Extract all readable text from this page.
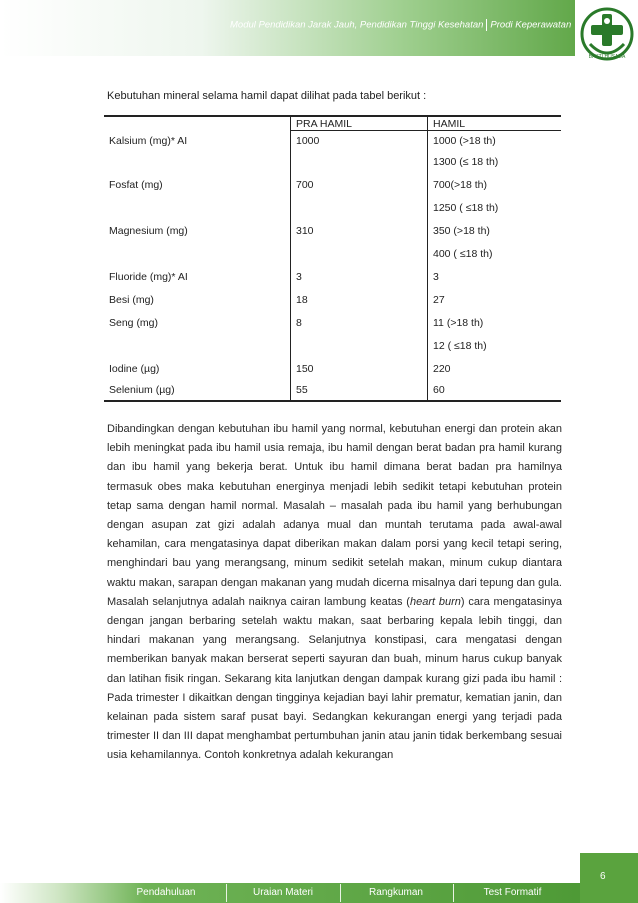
Modul Pendidikan Jarak Jauh, Pendidikan Tinggi Kesehatan Prodi Keperawatan
BAKTI HUSADA
Kebutuhan mineral selama hamil dapat dilihat pada tabel berikut :
	PRA HAMIL	HAMIL
Kalsium (mg)* AI	1000	1000 (>18 th)
		1300 (≤ 18 th)
Fosfat (mg)	700	700(>18 th)
		1250 ( ≤18 th)
Magnesium (mg)	310	350 (>18 th)
		400 ( ≤18 th)
Fluoride (mg)* AI	3	3
Besi (mg)	18	27
Seng (mg)	8	11 (>18 th)
		12 ( ≤18 th)
Iodine (µg)	150	220
Selenium (µg)	55	60
Dibandingkan dengan kebutuhan ibu hamil yang normal, kebutuhan energi dan protein akan lebih meningkat pada ibu hamil usia remaja, ibu hamil dengan berat badan pra hamil kurang dan ibu hamil yang bekerja berat. Untuk ibu hamil dimana berat badan pra hamilnya termasuk obes maka kebutuhan energinya menjadi lebih sedikit tetapi kebutuhan protein tetap sama dengan hamil normal. Masalah – masalah pada ibu hamil yang berhubungan dengan asupan zat gizi adalah adanya mual dan muntah terutama pada awal-awal kehamilan, cara mengatasinya dapat diberikan makan dalam porsi yang kecil tetapi sering, menghindari bau yang merangsang, minum sedikit setelah makan, minum cukup diantara waktu makan, sarapan dengan makanan yang mudah dicerna misalnya dari tepung dan gula. Masalah selanjutnya adalah naiknya cairan lambung keatas (heart burn) cara mengatasinya dengan jangan berbaring setelah waktu makan, saat berbaring kepala lebih tinggi, dan hindari makanan yang merangsang. Selanjutnya konstipasi, cara mengatasi dengan memberikan banyak makan berserat seperti sayuran dan buah, minum harus cukup banyak dan latihan fisik ringan. Sekarang kita lanjutkan dengan dampak kurang gizi pada ibu hamil : Pada trimester I dikaitkan dengan tingginya kejadian bayi lahir prematur, kematian janin, dan kelainan pada sistem saraf pusat bayi. Sedangkan kekurangan energi yang terjadi pada trimester II dan III dapat menghambat pertumbuhan janin atau janin tidak berkembang sesuai usia kehamilannya. Contoh konkretnya adalah kekurangan
6
Pendahuluan	Uraian Materi	Rangkuman	Test Formatif
